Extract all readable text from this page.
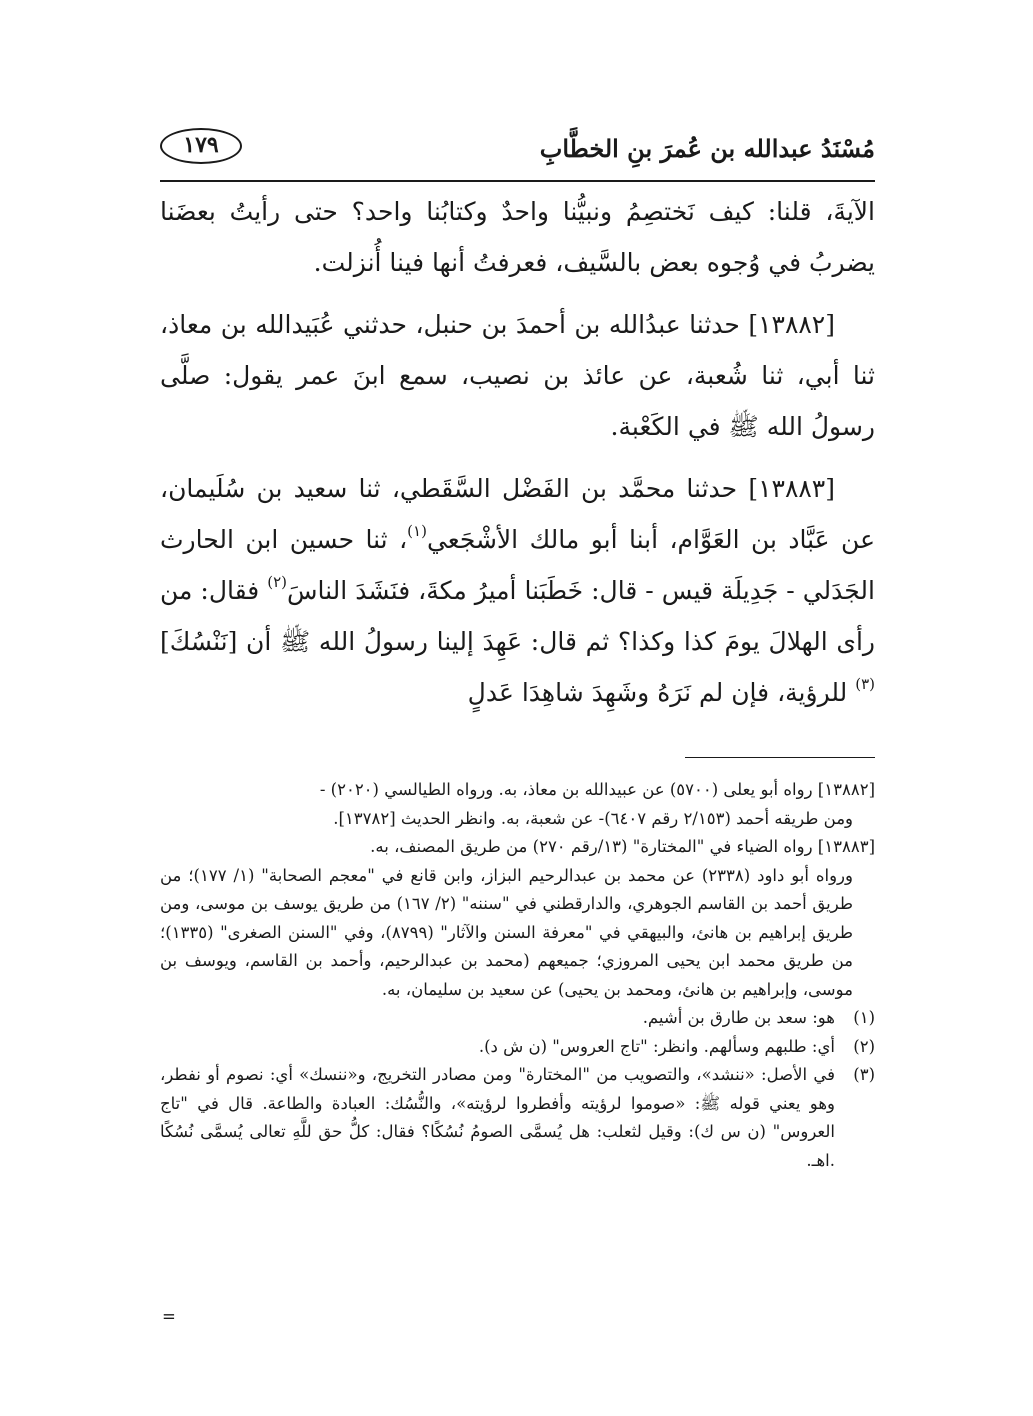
مُسْنَدُ عبدالله بن عُمرَ بنِ الخطَّابِ
١٧٩

الآيةَ، قلنا: كيف نَختصِمُ ونبيُّنا واحدٌ وكتابُنا واحد؟ حتى رأيتُ بعضَنا يضربُ في وُجوه بعض بالسَّيف، فعرفتُ أنها فينا أُنزلت.

[١٣٨٨٢] حدثنا عبدُالله بن أحمدَ بن حنبل، حدثني عُبَيدالله بن معاذ، ثنا أبي، ثنا شُعبة، عن عائذ بن نصيب، سمع ابنَ عمر يقول: صلَّى رسولُ الله ﷺ في الكَعْبة.

[١٣٨٨٣] حدثنا محمَّد بن الفَضْل السَّقَطي، ثنا سعيد بن سُلَيمان، عن عَبَّاد بن العَوَّام، أبنا أبو مالك الأشْجَعي$^{(١)}$، ثنا حسين ابن الحارث الجَدَلي - جَدِيلَة قيس - قال: خَطَبَنا أميرُ مكةَ، فنَشَدَ الناسَ$^{(٢)}$ فقال: من رأى الهلالَ يومَ كذا وكذا؟ ثم قال: عَهِدَ إلينا رسولُ الله ﷺ أن [نَنْسُكَ]$^{(٣)}$ للرؤية، فإن لم نَرَهُ وشَهِدَ شاهِدَا عَدلٍ

[١٣٨٨٢] رواه أبو يعلى (٥٧٠٠) عن عبيدالله بن معاذ، به. ورواه الطيالسي (٢٠٢٠) -

ومن طريقه أحمد (٢/١٥٣ رقم ٦٤٠٧)- عن شعبة، به. وانظر الحديث [١٣٧٨٢].

[١٣٨٨٣] رواه الضياء في "المختارة" (١٣/رقم ٢٧٠) من طريق المصنف، به.

ورواه أبو داود (٢٣٣٨) عن محمد بن عبدالرحيم البزاز، وابن قانع في "معجم الصحابة" (١/ ١٧٧)؛ من طريق أحمد بن القاسم الجوهري، والدارقطني في "سننه" (٢/ ١٦٧) من طريق يوسف بن موسى، ومن طريق إبراهيم بن هانئ، والبيهقي في "معرفة السنن والآثار" (٨٧٩٩)، وفي "السنن الصغرى" (١٣٣٥)؛ من طريق محمد ابن يحيى المروزي؛ جميعهم (محمد بن عبدالرحيم، وأحمد بن القاسم، ويوسف بن موسى، وإبراهيم بن هانئ، ومحمد بن يحيى) عن سعيد بن سليمان، به.

(١)
هو: سعد بن طارق بن أشيم.
(٢)
أي: طلبهم وسألهم. وانظر: "تاج العروس" (ن ش د).
(٣)
في الأصل: «ننشد»، والتصويب من "المختارة" ومن مصادر التخريج، و«ننسك» أي: نصوم أو نفطر، وهو يعني قوله ﷺ: «صوموا لرؤيته وأفطروا لرؤيته»، والنُّسُك: العبادة والطاعة. قال في "تاج العروس" (ن س ك): وقيل لثعلب: هل يُسمَّى الصومُ نُسُكًا؟ فقال: كلُّ حق للَّهِ تعالى يُسمَّى نُسُكًا .اهـ.
=
